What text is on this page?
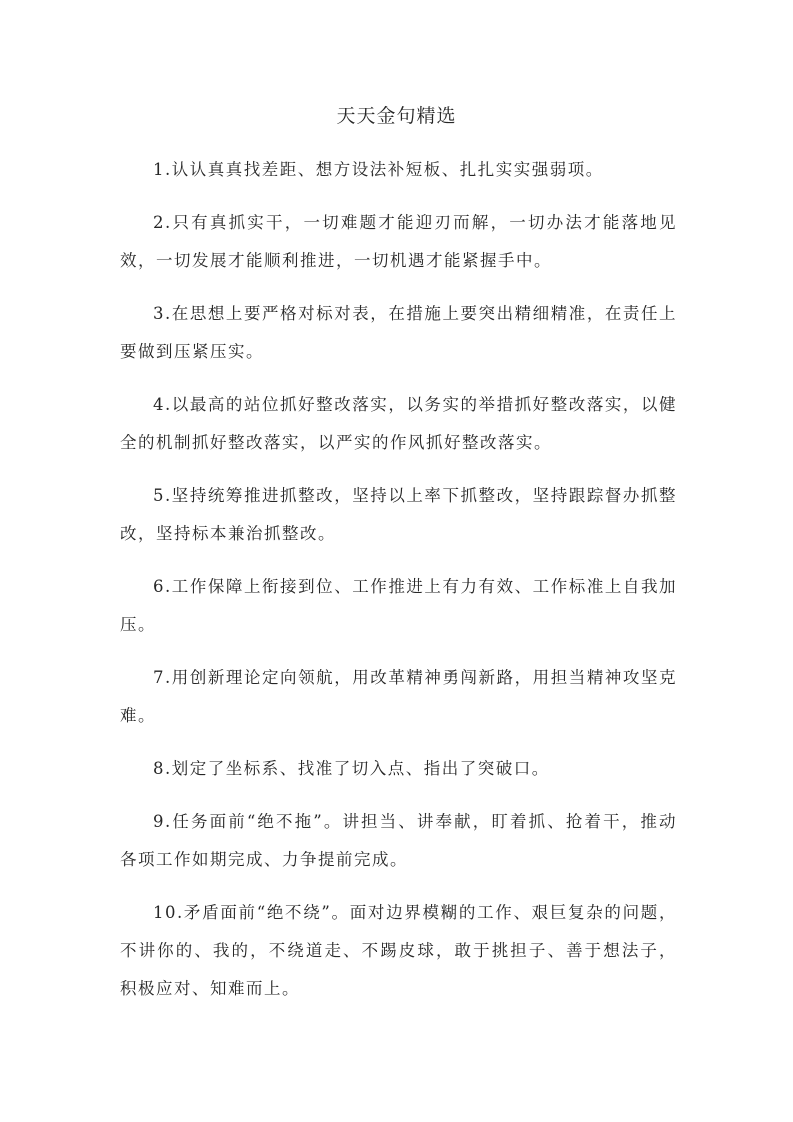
天天金句精选

1.认认真真找差距、想方设法补短板、扎扎实实强弱项。

2.只有真抓实干，一切难题才能迎刃而解，一切办法才能落地见效，一切发展才能顺利推进，一切机遇才能紧握手中。

3.在思想上要严格对标对表，在措施上要突出精细精准，在责任上要做到压紧压实。

4.以最高的站位抓好整改落实，以务实的举措抓好整改落实，以健全的机制抓好整改落实，以严实的作风抓好整改落实。

5.坚持统筹推进抓整改，坚持以上率下抓整改，坚持跟踪督办抓整改，坚持标本兼治抓整改。

6.工作保障上衔接到位、工作推进上有力有效、工作标准上自我加压。

7.用创新理论定向领航，用改革精神勇闯新路，用担当精神攻坚克难。

8.划定了坐标系、找准了切入点、指出了突破口。

9.任务面前“绝不拖”。讲担当、讲奉献，盯着抓、抢着干，推动各项工作如期完成、力争提前完成。

10.矛盾面前“绝不绕”。面对边界模糊的工作、艰巨复杂的问题，不讲你的、我的，不绕道走、不踢皮球，敢于挑担子、善于想法子，积极应对、知难而上。
